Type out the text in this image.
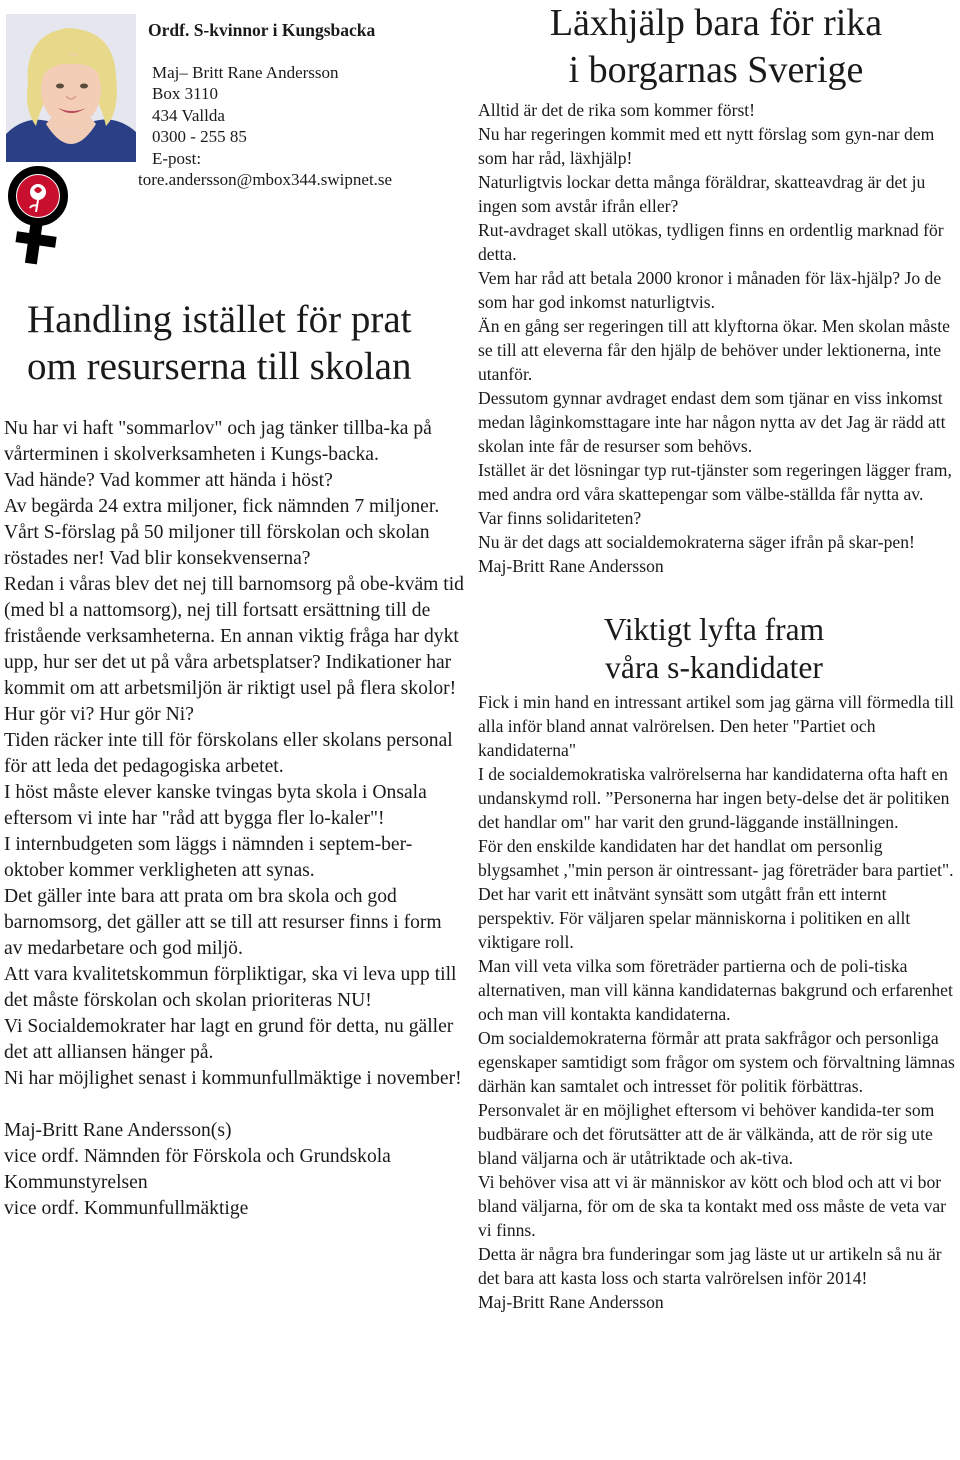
Ordf. S-kvinnor i Kungsbacka
Maj– Britt Rane Andersson
Box 3110
434 Vallda
0300 - 255 85
E-post:
tore.andersson@mbox344.swipnet.se
Handling istället för prat
om resurserna till skolan

Nu har vi haft "sommarlov" och jag tänker tillba-ka på vårterminen i skolverksamheten i Kungs-backa.

Vad hände? Vad kommer att hända i höst?

Av begärda 24 extra miljoner, fick nämnden 7 miljoner.

Vårt S-förslag på 50 miljoner till förskolan och skolan röstades ner! Vad blir konsekvenserna?

Redan i våras blev det nej till barnomsorg på obe-kväm tid (med bl a nattomsorg), nej till fortsatt ersättning till de fristående verksamheterna. En annan viktig fråga har dykt upp, hur ser det ut på våra arbetsplatser? Indikationer har kommit om att arbetsmiljön är riktigt usel på flera skolor! Hur gör vi? Hur gör Ni?

Tiden räcker inte till för förskolans eller skolans personal för att leda det pedagogiska arbetet.

I höst måste elever kanske tvingas byta skola i Onsala eftersom vi inte har "råd att bygga fler lo-kaler"!

I internbudgeten som läggs i nämnden i septem-ber-oktober kommer verkligheten att synas.

Det gäller inte bara att prata om bra skola och god barnomsorg, det gäller att se till att resurser finns i form av medarbetare och god miljö.

Att vara kvalitetskommun förpliktigar, ska vi leva upp till det måste förskolan och skolan prioriteras NU!

Vi Socialdemokrater har lagt en grund för detta, nu gäller det att alliansen hänger på.

Ni har möjlighet senast i kommunfullmäktige i november!

Maj-Britt Rane Andersson(s)

vice ordf. Nämnden för Förskola och Grundskola

Kommunstyrelsen

vice ordf. Kommunfullmäktige

Läxhjälp bara för rika
i borgarnas Sverige

Alltid är det de rika som kommer först!

Nu har regeringen kommit med ett nytt förslag som gyn-nar dem som har råd, läxhjälp!

Naturligtvis lockar detta många föräldrar, skatteavdrag är det ju ingen som avstår ifrån eller?

Rut-avdraget skall utökas, tydligen finns en ordentlig marknad för detta.

Vem har råd att betala 2000 kronor i månaden för läx-hjälp? Jo de som har god inkomst naturligtvis.

Än en gång ser regeringen till att klyftorna ökar. Men skolan måste se till att eleverna får den hjälp de behöver under lektionerna, inte utanför.

Dessutom gynnar avdraget endast dem som tjänar en viss inkomst medan låginkomsttagare inte har någon nytta av det Jag är rädd att skolan inte får de resurser som behövs.

Istället är det lösningar typ rut-tjänster som regeringen lägger fram, med andra ord våra skattepengar som välbe-ställda får nytta av.

Var finns solidariteten?

Nu är det dags att socialdemokraterna säger ifrån på skar-pen!

Maj-Britt Rane Andersson

Viktigt lyfta fram
våra s-kandidater

Fick i min hand en intressant artikel som jag gärna vill förmedla till alla inför bland annat valrörelsen. Den heter "Partiet och kandidaterna"

I de socialdemokratiska valrörelserna har kandidaterna ofta haft en undanskymd roll. ”Personerna har ingen bety-delse det är politiken det handlar om" har varit den grund-läggande inställningen.

För den enskilde kandidaten har det handlat om personlig blygsamhet ,"min person är ointressant- jag företräder bara partiet".

Det har varit ett inåtvänt synsätt som utgått från ett internt perspektiv. För väljaren spelar människorna i politiken en allt viktigare roll.

Man vill veta vilka som företräder partierna och de poli-tiska alternativen, man vill känna kandidaternas bakgrund och erfarenhet och man vill kontakta kandidaterna.

Om socialdemokraterna förmår att prata sakfrågor och personliga egenskaper samtidigt som frågor om system och förvaltning lämnas därhän kan samtalet och intresset för politik förbättras.

Personvalet är en möjlighet eftersom vi behöver kandida-ter som budbärare och det förutsätter att de är välkända, att de rör sig ute bland väljarna och är utåtriktade och ak-tiva.

Vi behöver visa att vi är människor av kött och blod och att vi bor bland väljarna, för om de ska ta kontakt med oss måste de veta var vi finns.

Detta är några bra funderingar som jag läste ut ur artikeln så nu är det bara att kasta loss och starta valrörelsen inför 2014!

Maj-Britt Rane Andersson
